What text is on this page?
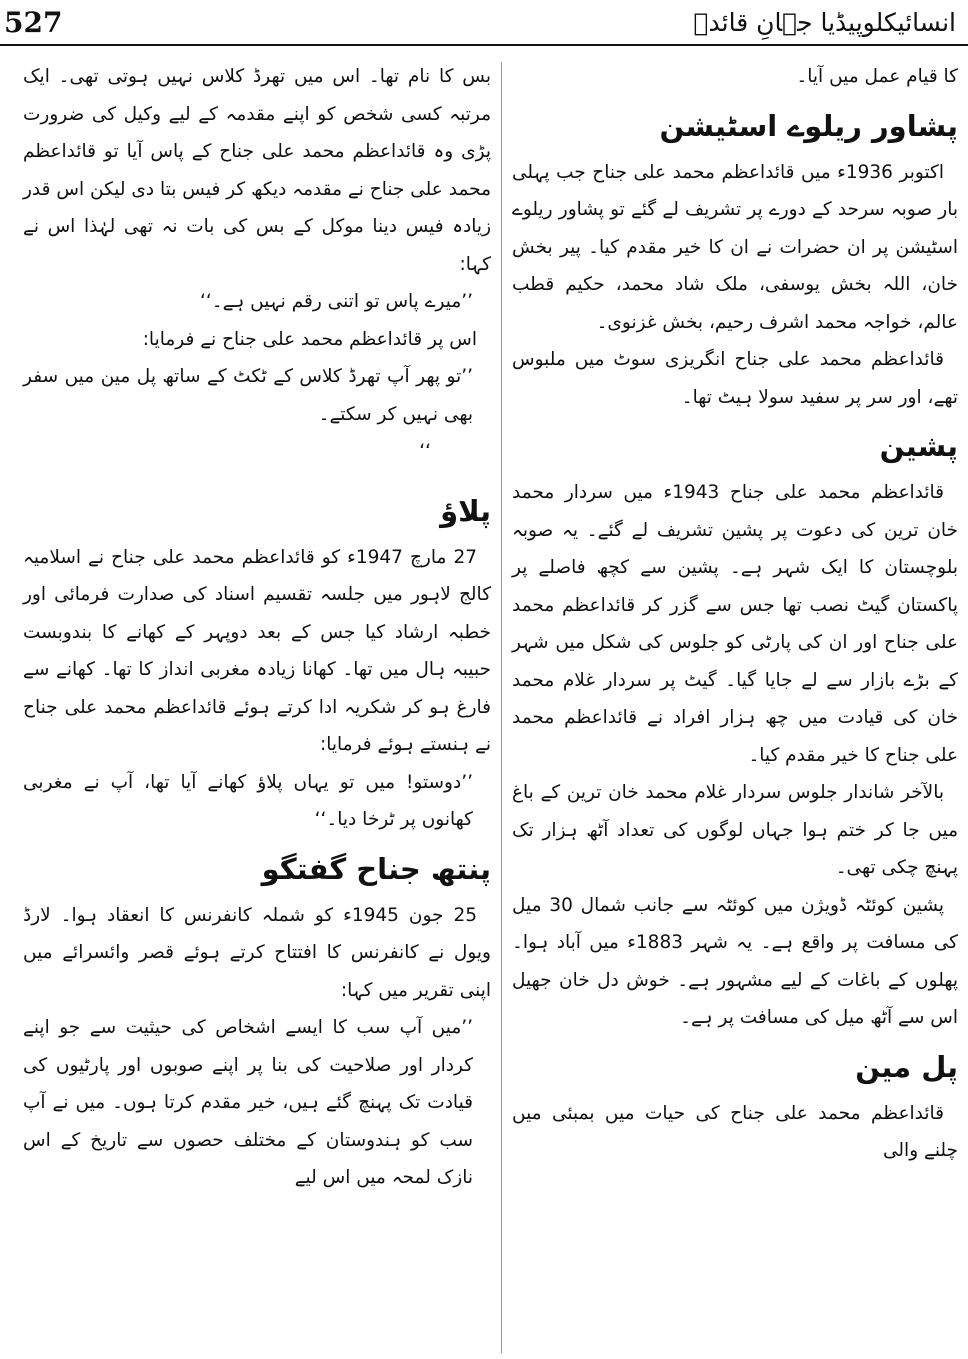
527	انسائیکلوپیڈیا جہانِ قائدؒ

کا قیام عمل میں آیا۔

پشاور ریلوے اسٹیشن

اکتوبر 1936ء میں قائداعظم محمد علی جناح جب پہلی بار صوبہ سرحد کے دورے پر تشریف لے گئے تو پشاور ریلوے اسٹیشن پر ان حضرات نے ان کا خیر مقدم کیا۔ پیر بخش خان، اللہ بخش یوسفی، ملک شاد محمد، حکیم قطب عالم، خواجہ محمد اشرف رحیم، بخش غزنوی۔

قائداعظم محمد علی جناح انگریزی سوٹ میں ملبوس تھے، اور سر پر سفید سولا ہیٹ تھا۔

پشین

قائداعظم محمد علی جناح 1943ء میں سردار محمد خان ترین کی دعوت پر پشین تشریف لے گئے۔ یہ صوبہ بلوچستان کا ایک شہر ہے۔ پشین سے کچھ فاصلے پر پاکستان گیٹ نصب تھا جس سے گزر کر قائداعظم محمد علی جناح اور ان کی پارٹی کو جلوس کی شکل میں شہر کے بڑے بازار سے لے جایا گیا۔ گیٹ پر سردار غلام محمد خان کی قیادت میں چھ ہزار افراد نے قائداعظم محمد علی جناح کا خیر مقدم کیا۔

بالآخر شاندار جلوس سردار غلام محمد خان ترین کے باغ میں جا کر ختم ہوا جہاں لوگوں کی تعداد آٹھ ہزار تک پہنچ چکی تھی۔

پشین کوئٹہ ڈویژن میں کوئٹہ سے جانب شمال 30 میل کی مسافت پر واقع ہے۔ یہ شہر 1883ء میں آباد ہوا۔ پھلوں کے باغات کے لیے مشہور ہے۔ خوش دل خان جھیل اس سے آٹھ میل کی مسافت پر ہے۔

پل مین

قائداعظم محمد علی جناح کی حیات میں بمبئی میں چلنے والی

بس کا نام تھا۔ اس میں تھرڈ کلاس نہیں ہوتی تھی۔ ایک مرتبہ کسی شخص کو اپنے مقدمہ کے لیے وکیل کی ضرورت پڑی وہ قائداعظم محمد علی جناح کے پاس آیا تو قائداعظم محمد علی جناح نے مقدمہ دیکھ کر فیس بتا دی لیکن اس قدر زیادہ فیس دینا موکل کے بس کی بات نہ تھی لہٰذا اس نے کہا:

’’میرے پاس تو اتنی رقم نہیں ہے۔‘‘

اس پر قائداعظم محمد علی جناح نے فرمایا:

’’تو پھر آپ تھرڈ کلاس کے ٹکٹ کے ساتھ پل مین میں سفر بھی نہیں کر سکتے۔
‘‘
پلاؤ

27 مارچ 1947ء کو قائداعظم محمد علی جناح نے اسلامیہ کالج لاہور میں جلسہ تقسیم اسناد کی صدارت فرمائی اور خطبہ ارشاد کیا جس کے بعد دوپہر کے کھانے کا بندوبست حبیبہ ہال میں تھا۔ کھانا زیادہ مغربی انداز کا تھا۔ کھانے سے فارغ ہو کر شکریہ ادا کرتے ہوئے قائداعظم محمد علی جناح نے ہنستے ہوئے فرمایا:

’’دوستو! میں تو یہاں پلاؤ کھانے آیا تھا، آپ نے مغربی کھانوں پر ٹرخا دیا۔‘‘
پنتھ جناح گفتگو

25 جون 1945ء کو شملہ کانفرنس کا انعقاد ہوا۔ لارڈ ویول نے کانفرنس کا افتتاح کرتے ہوئے قصر وائسرائے میں اپنی تقریر میں کہا:

’’میں آپ سب کا ایسے اشخاص کی حیثیت سے جو اپنے کردار اور صلاحیت کی بنا پر اپنے صوبوں اور پارٹیوں کی قیادت تک پہنچ گئے ہیں، خیر مقدم کرتا ہوں۔ میں نے آپ سب کو ہندوستان کے مختلف حصوں سے تاریخ کے اس نازک لمحہ میں اس لیے
